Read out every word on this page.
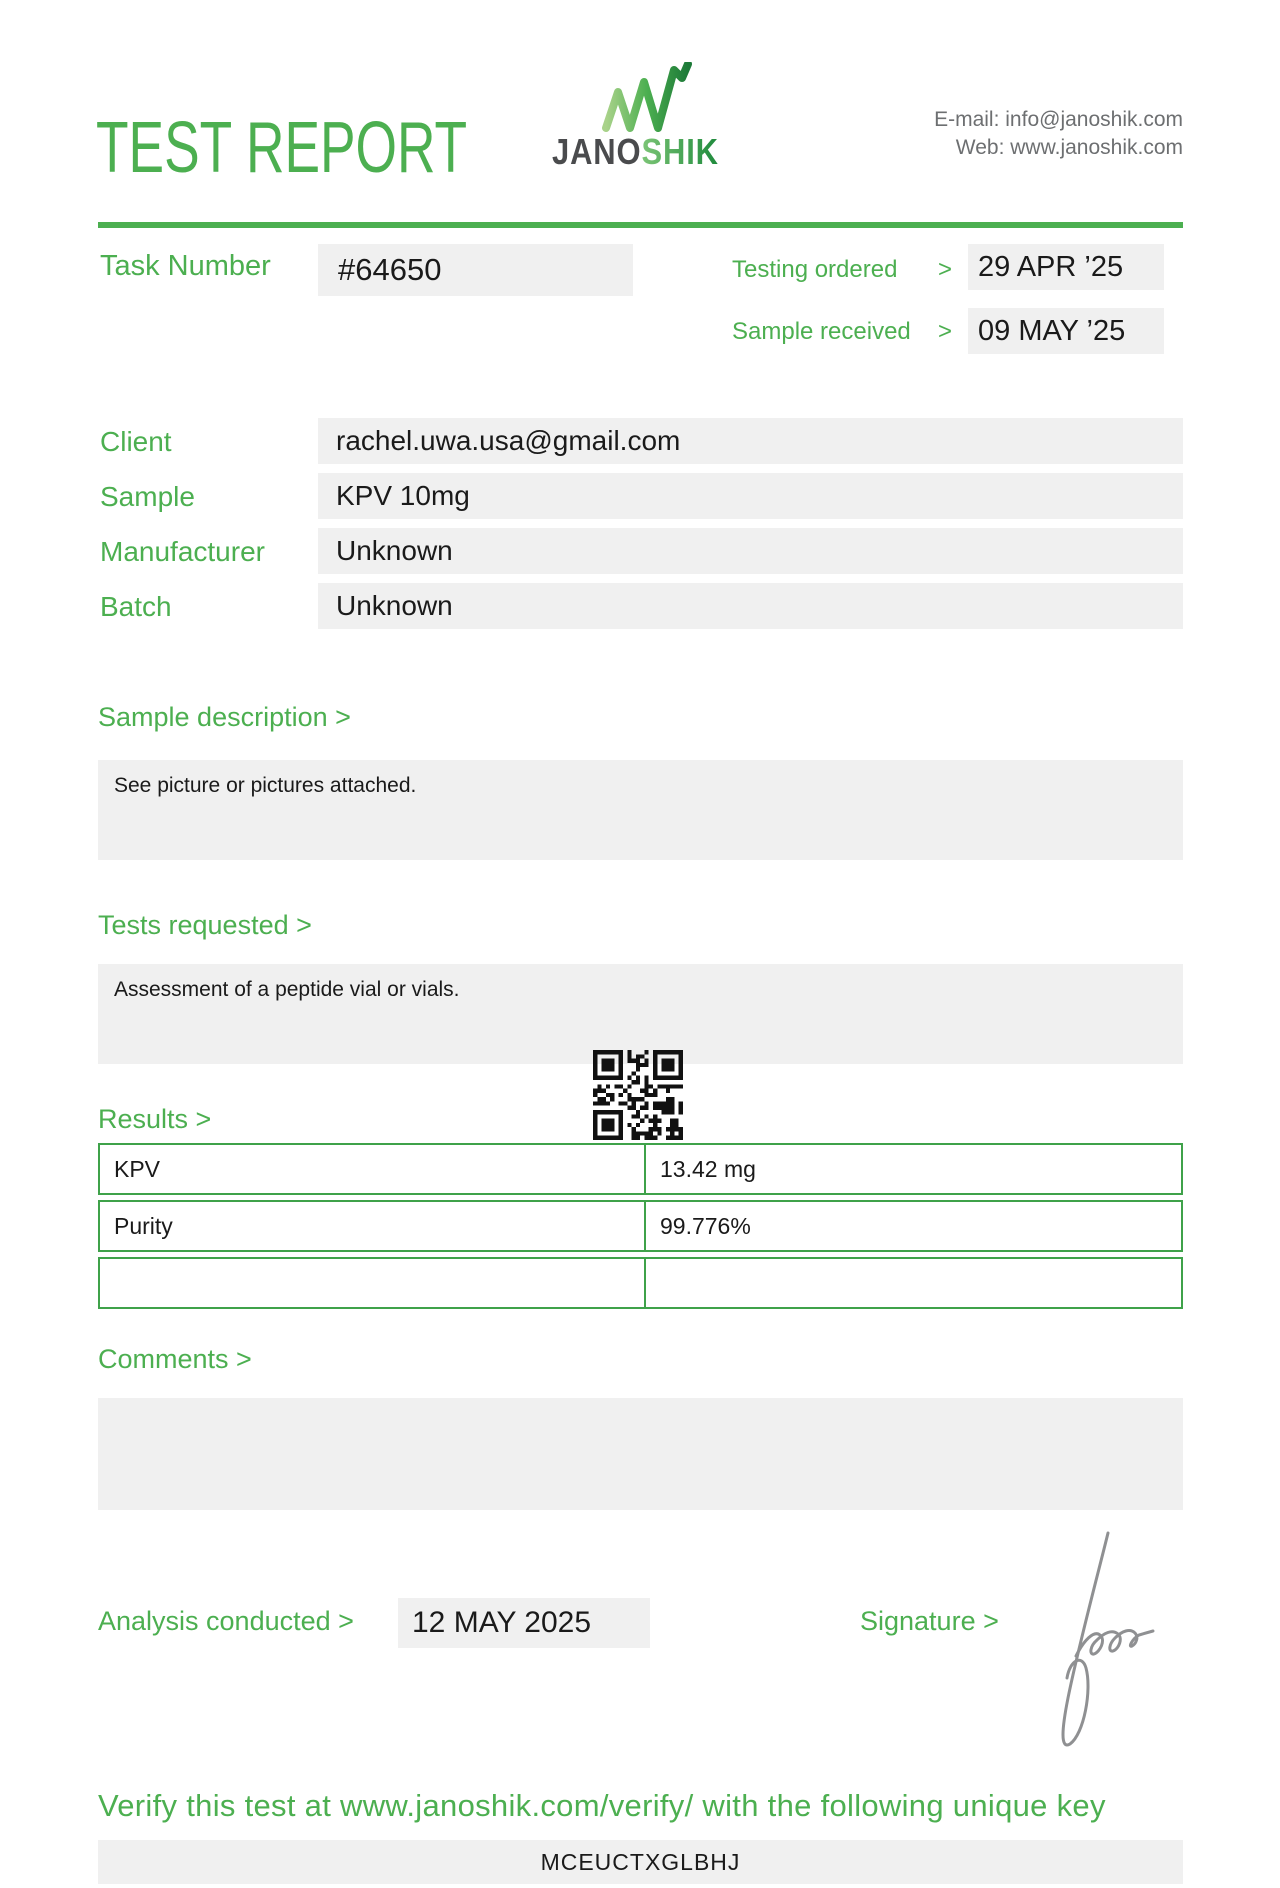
TEST REPORT JANOSHIK
E-mail: info@janoshik.com
Web: www.janoshik.com
Task Number	#64650	Testing ordered > 29 APR ’25
Sample received > 09 MAY ’25
Client	rachel.uwa.usa@gmail.com
Sample	KPV 10mg
Manufacturer	Unknown
Batch	Unknown
Sample description >
See picture or pictures attached.
Tests requested >
Assessment of a peptide vial or vials.
Results >
KPV	13.42 mg
Purity	99.776%
Comments >
Analysis conducted >	12 MAY 2025	Signature >
Verify this test at www.janoshik.com/verify/ with the following unique key
MCEUCTXGLBHJ
